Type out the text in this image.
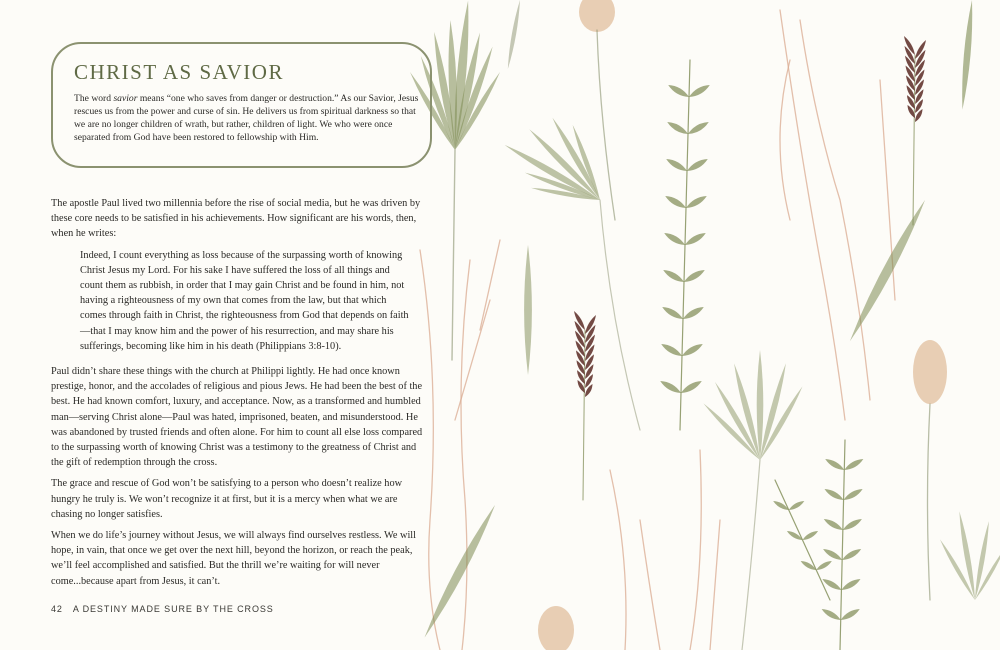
CHRIST AS SAVIOR

The word savior means “one who saves from danger or destruction.” As our Savior, Jesus rescues us from the power and curse of sin. He delivers us from spiritual darkness so that we are no longer children of wrath, but rather, children of light. We who were once separated from God have been restored to fellowship with Him.

The apostle Paul lived two millennia before the rise of social media, but he was driven by these core needs to be satisfied in his achievements. How significant are his words, then, when he writes:

Indeed, I count everything as loss because of the surpassing worth of knowing Christ Jesus my Lord. For his sake I have suffered the loss of all things and count them as rubbish, in order that I may gain Christ and be found in him, not having a righteousness of my own that comes from the law, but that which comes through faith in Christ, the righteousness from God that depends on faith—that I may know him and the power of his resurrection, and may share his sufferings, becoming like him in his death (Philippians 3:8-10).

Paul didn’t share these things with the church at Philippi lightly. He had once known prestige, honor, and the accolades of religious and pious Jews. He had been the best of the best. He had known comfort, luxury, and acceptance. Now, as a transformed and humbled man—serving Christ alone—Paul was hated, imprisoned, beaten, and misunderstood. He was abandoned by trusted friends and often alone. For him to count all else loss compared to the surpassing worth of knowing Christ was a testimony to the greatness of Christ and the gift of redemption through the cross.

The grace and rescue of God won’t be satisfying to a person who doesn’t realize how hungry he truly is. We won’t recognize it at first, but it is a mercy when what we are chasing no longer satisfies.

When we do life’s journey without Jesus, we will always find ourselves restless. We will hope, in vain, that once we get over the next hill, beyond the horizon, or reach the peak, we’ll feel accomplished and satisfied. But the thrill we’re waiting for will never come...because apart from Jesus, it can’t.

42 A DESTINY MADE SURE BY THE CROSS
